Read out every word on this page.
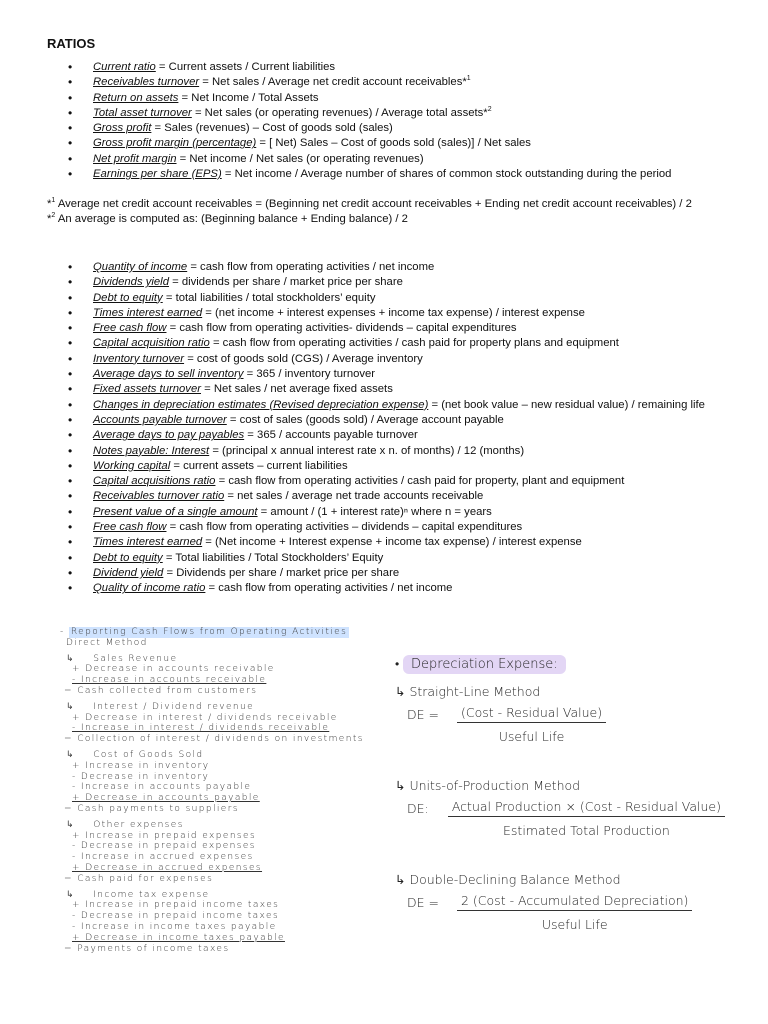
RATIOS
• Current ratio = Current assets / Current liabilities
• Receivables turnover = Net sales / Average net credit account receivables*$^1$
• Return on assets = Net Income / Total Assets
• Total asset turnover = Net sales (or operating revenues) / Average total assets*$^2$
• Gross profit = Sales (revenues) – Cost of goods sold (sales)
• Gross profit margin (percentage) = [ Net) Sales – Cost of goods sold (sales)] / Net sales
• Net profit margin = Net income / Net sales (or operating revenues)
• Earnings per share (EPS) = Net income / Average number of shares of common stock outstanding during the period

*$^1$ Average net credit account receivables = (Beginning net credit account receivables + Ending net credit account receivables) / 2

*$^2$ An average is computed as: (Beginning balance + Ending balance) / 2

• Quantity of income = cash flow from operating activities / net income
• Dividends yield = dividends per share / market price per share
• Debt to equity = total liabilities / total stockholders’ equity
• Times interest earned = (net income + interest expenses + income tax expense) / interest expense
• Free cash flow = cash flow from operating activities- dividends – capital expenditures
• Capital acquisition ratio = cash flow from operating activities / cash paid for property plans and equipment
• Inventory turnover = cost of goods sold (CGS) / Average inventory
• Average days to sell inventory = 365 / inventory turnover
• Fixed assets turnover = Net sales / net average fixed assets
• Changes in depreciation estimates (Revised depreciation expense) = (net book value – new residual value) / remaining life
• Accounts payable turnover = cost of sales (goods sold) / Average account payable
• Average days to pay payables = 365 / accounts payable turnover
• Notes payable: Interest = (principal x annual interest rate x n. of months) / 12 (months)
• Working capital = current assets – current liabilities
• Capital acquisitions ratio = cash flow from operating activities / cash paid for property, plant and equipment
• Receivables turnover ratio = net sales / average net trade accounts receivable
• Present value of a single amount = amount / (1 + interest rate)ⁿ where n = years
• Free cash flow = cash flow from operating activities – dividends – capital expenditures
• Times interest earned = (Net income + Interest expense + income tax expense) / interest expense
• Debt to equity = Total liabilities / Total Stockholders’ Equity
• Dividend yield = Dividends per share / market price per share
• Quality of income ratio = cash flow from operating activities / net income
- Reporting Cash Flows from Operating Activities
Direct Method
↳ Sales Revenue
+ Decrease in accounts receivable
- Increase in accounts receivable
= Cash collected from customers
↳ Interest / Dividend revenue
+ Decrease in interest / dividends receivable
- Increase in interest / dividends receivable
= Collection of interest / dividends on investments
↳ Cost of Goods Sold
+ Increase in inventory
- Decrease in inventory
- Increase in accounts payable
+ Decrease in accounts payable
= Cash payments to suppliers
↳ Other expenses
+ Increase in prepaid expenses
- Decrease in prepaid expenses
- Increase in accrued expenses
+ Decrease in accrued expenses
= Cash paid for expenses
↳ Income tax expense
+ Increase in prepaid income taxes
- Decrease in prepaid income taxes
- Increase in income taxes payable
+ Decrease in income taxes payable
= Payments of income taxes
• Depreciation Expense:
↳ Straight-Line Method
DE =	$\frac{\text{(Cost - Residual Value)}}{\text{Useful Life}}$
↳ Units-of-Production Method
DE:	$\frac{\text{Actual Production × (Cost - Residual Value)}}{\text{Estimated Total Production}}$
↳ Double-Declining Balance Method
DE =	$\frac{\text{2 (Cost - Accumulated Depreciation)}}{\text{Useful Life}}$
